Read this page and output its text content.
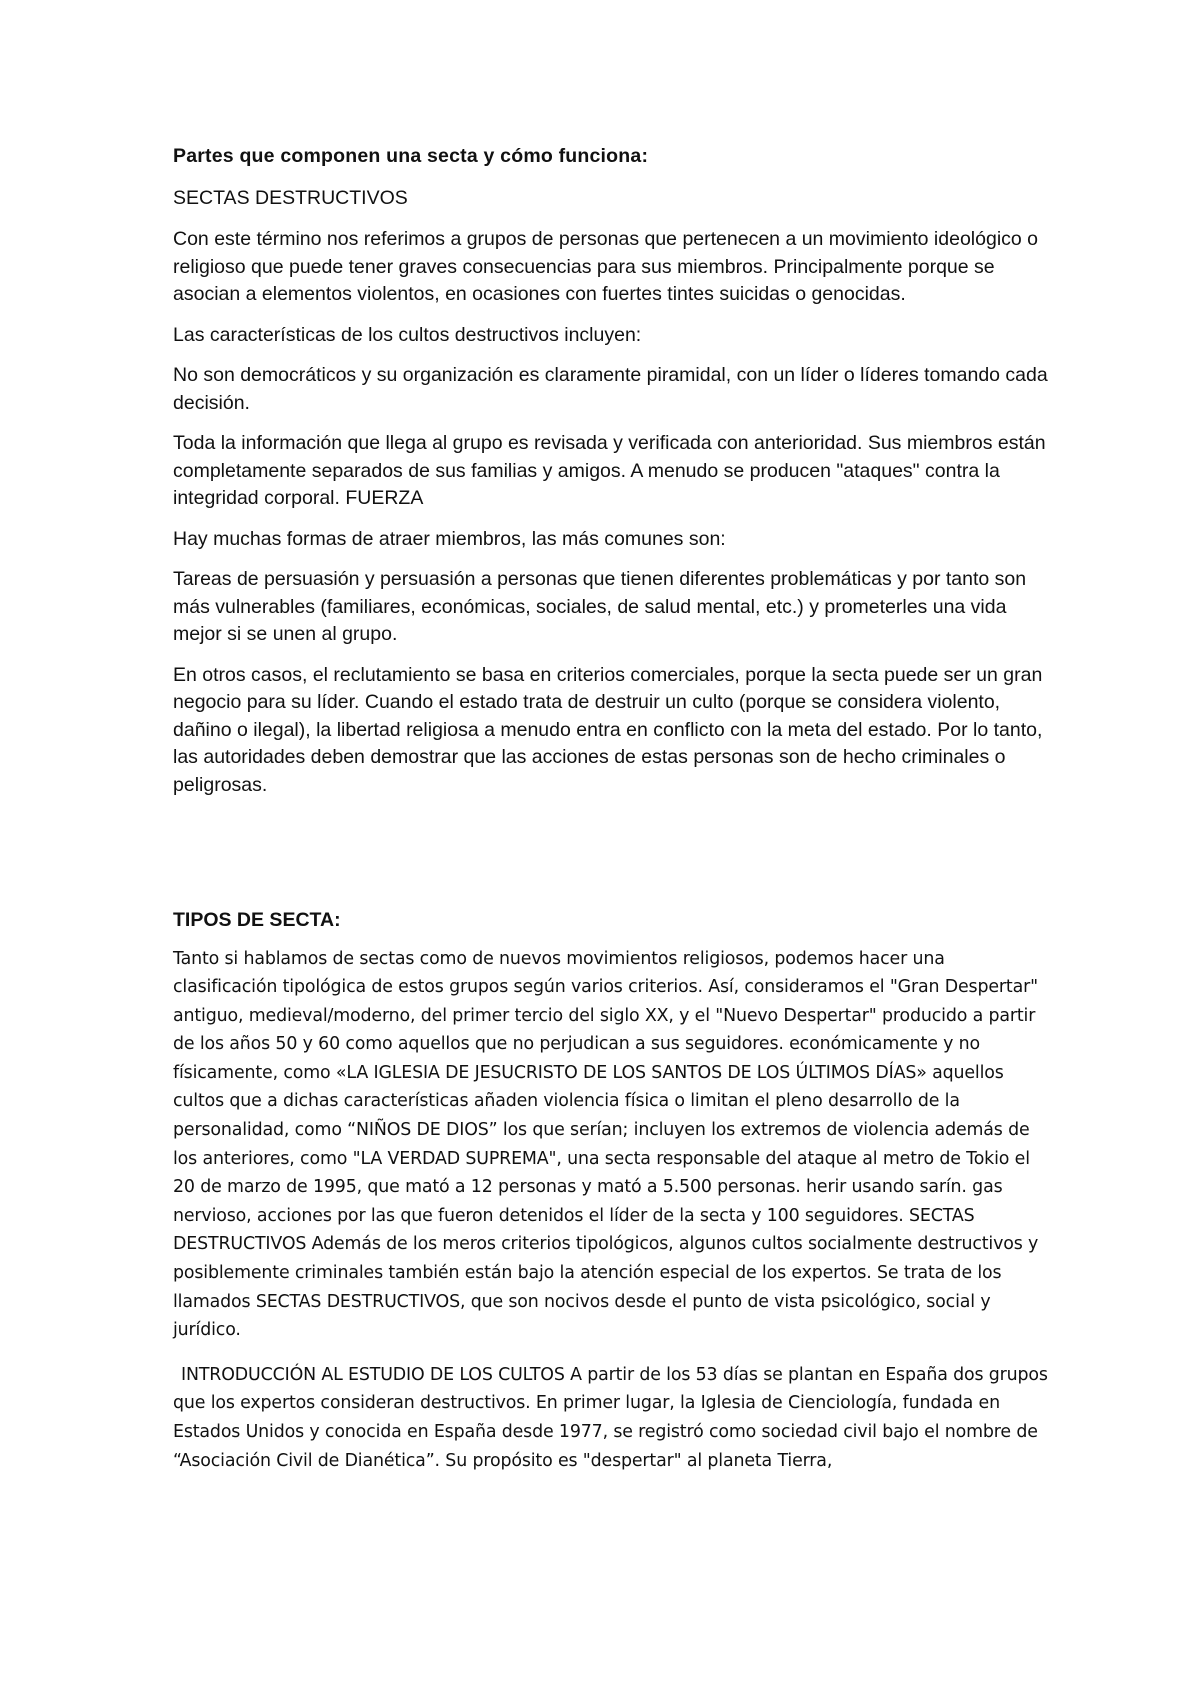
Partes que componen una secta y cómo funciona:
SECTAS DESTRUCTIVOS
Con este término nos referimos a grupos de personas que pertenecen a un movimiento ideológico o religioso que puede tener graves consecuencias para sus miembros. Principalmente porque se asocian a elementos violentos, en ocasiones con fuertes tintes suicidas o genocidas.
Las características de los cultos destructivos incluyen:
No son democráticos y su organización es claramente piramidal, con un líder o líderes tomando cada decisión.
Toda la información que llega al grupo es revisada y verificada con anterioridad. Sus miembros están completamente separados de sus familias y amigos. A menudo se producen "ataques" contra la integridad corporal. FUERZA
Hay muchas formas de atraer miembros, las más comunes son:
Tareas de persuasión y persuasión a personas que tienen diferentes problemáticas y por tanto son más vulnerables (familiares, económicas, sociales, de salud mental, etc.) y prometerles una vida mejor si se unen al grupo.
En otros casos, el reclutamiento se basa en criterios comerciales, porque la secta puede ser un gran negocio para su líder. Cuando el estado trata de destruir un culto (porque se considera violento, dañino o ilegal), la libertad religiosa a menudo entra en conflicto con la meta del estado. Por lo tanto, las autoridades deben demostrar que las acciones de estas personas son de hecho criminales o peligrosas.
TIPOS DE SECTA:
Tanto si hablamos de sectas como de nuevos movimientos religiosos, podemos hacer una clasificación tipológica de estos grupos según varios criterios. Así, consideramos el "Gran Despertar" antiguo, medieval/moderno, del primer tercio del siglo XX, y el "Nuevo Despertar" producido a partir de los años 50 y 60 como aquellos que no perjudican a sus seguidores. económicamente y no físicamente, como «LA IGLESIA DE JESUCRISTO DE LOS SANTOS DE LOS ÚLTIMOS DÍAS» aquellos cultos que a dichas características añaden violencia física o limitan el pleno desarrollo de la personalidad, como “NIÑOS DE DIOS” los que serían; incluyen los extremos de violencia además de los anteriores, como "LA VERDAD SUPREMA", una secta responsable del ataque al metro de Tokio el 20 de marzo de 1995, que mató a 12 personas y mató a 5.500 personas. herir usando sarín. gas nervioso, acciones por las que fueron detenidos el líder de la secta y 100 seguidores. SECTAS DESTRUCTIVOS Además de los meros criterios tipológicos, algunos cultos socialmente destructivos y posiblemente criminales también están bajo la atención especial de los expertos. Se trata de los llamados SECTAS DESTRUCTIVOS, que son nocivos desde el punto de vista psicológico, social y jurídico.
INTRODUCCIÓN AL ESTUDIO DE LOS CULTOS A partir de los 53 días se plantan en España dos grupos que los expertos consideran destructivos. En primer lugar, la Iglesia de Cienciología, fundada en Estados Unidos y conocida en España desde 1977, se registró como sociedad civil bajo el nombre de “Asociación Civil de Dianética”. Su propósito es "despertar" al planeta Tierra,
